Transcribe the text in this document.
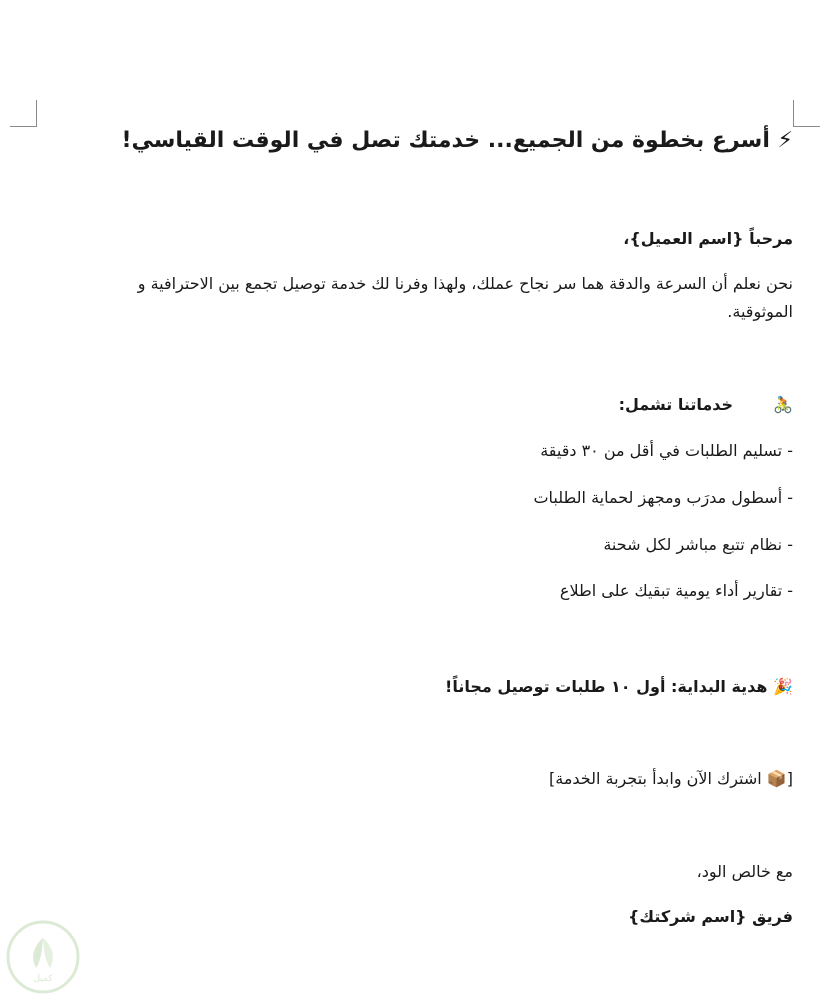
⚡ أسرع بخطوة من الجميع... خدمتك تصل في الوقت القياسي!
مرحباً {اسم العميل}،
نحن نعلم أن السرعة والدقة هما سر نجاح عملك، ولهذا وفرنا لك خدمة توصيل تجمع بين الاحترافية و الموثوقية.
🚴خدماتنا تشمل:
- تسليم الطلبات في أقل من ٣٠ دقيقة
- أسطول مدرَب ومجهز لحماية الطلبات
- نظام تتبع مباشر لكل شحنة
- تقارير أداء يومية تبقيك على اطلاع
🎉 هدية البداية: أول ١٠ طلبات توصيل مجاناً!
[📦 اشترك الآن وابدأ بتجربة الخدمة]
مع خالص الود،
فريق {اسم شركتك}
كميل
